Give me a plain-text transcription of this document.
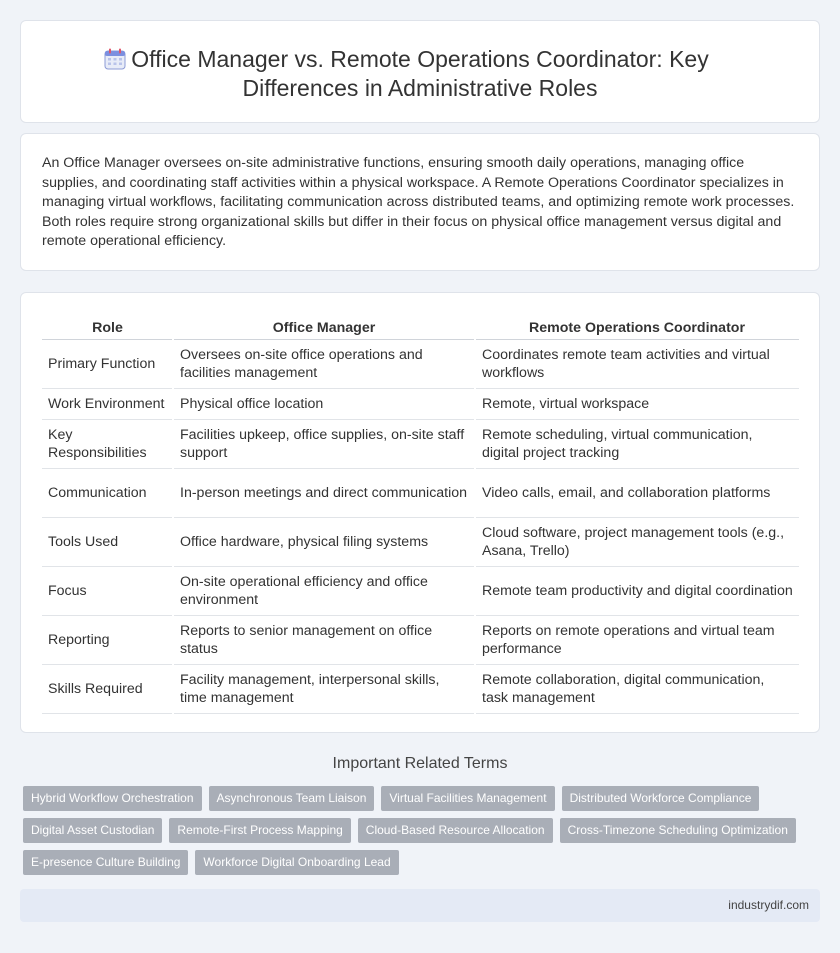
Office Manager vs. Remote Operations Coordinator: Key
Differences in Administrative Roles

An Office Manager oversees on-site administrative functions, ensuring smooth daily operations, managing office supplies, and coordinating staff activities within a physical workspace. A Remote Operations Coordinator specializes in managing virtual workflows, facilitating communication across distributed teams, and optimizing remote work processes. Both roles require strong organizational skills but differ in their focus on physical office management versus digital and remote operational efficiency.

Role	Office Manager	Remote Operations Coordinator
Primary Function	Oversees on-site office operations and facilities management	Coordinates remote team activities and virtual workflows
Work Environment	Physical office location	Remote, virtual workspace
Key Responsibilities	Facilities upkeep, office supplies, on-site staff support	Remote scheduling, virtual communication, digital project tracking
Communication	In-person meetings and direct communication	Video calls, email, and collaboration platforms
Tools Used	Office hardware, physical filing systems	Cloud software, project management tools (e.g., Asana, Trello)
Focus	On-site operational efficiency and office environment	Remote team productivity and digital coordination
Reporting	Reports to senior management on office status	Reports on remote operations and virtual team performance
Skills Required	Facility management, interpersonal skills, time management	Remote collaboration, digital communication, task management
Important Related Terms
Hybrid Workflow Orchestration	Asynchronous Team Liaison	Virtual Facilities Management	Distributed Workforce Compliance
Digital Asset Custodian	Remote-First Process Mapping	Cloud-Based Resource Allocation	Cross-Timezone Scheduling Optimization
E-presence Culture Building	Workforce Digital Onboarding Lead
industrydif.com
